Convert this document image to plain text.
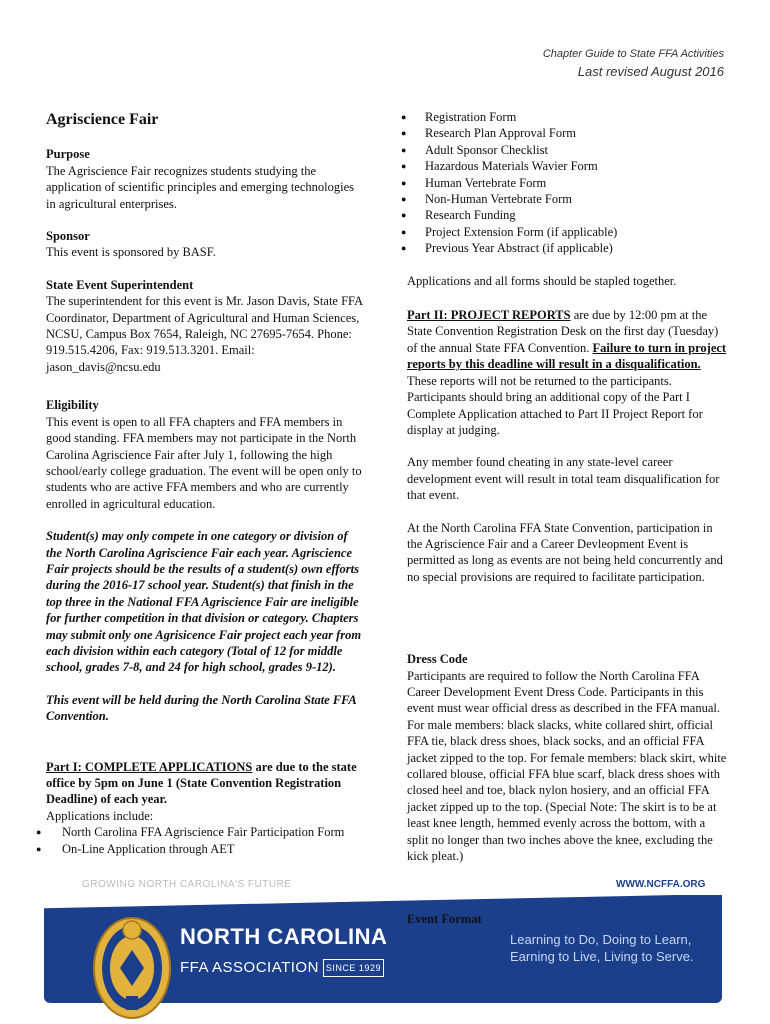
Chapter Guide to State FFA Activities
Last revised August 2016
Agriscience Fair
Purpose
The Agriscience Fair recognizes students studying the application of scientific principles and emerging technologies in agricultural enterprises.
Sponsor
This event is sponsored by BASF.
State Event Superintendent
The superintendent for this event is Mr. Jason Davis, State FFA Coordinator, Department of Agricultural and Human Sciences, NCSU, Campus Box 7654, Raleigh, NC 27695-7654. Phone: 919.515.4206, Fax: 919.513.3201. Email: jason_davis@ncsu.edu
Eligibility
This event is open to all FFA chapters and FFA members in good standing. FFA members may not participate in the North Carolina Agriscience Fair after July 1, following the high school/early college graduation. The event will be open only to students who are active FFA members and who are currently enrolled in agricultural education.
Student(s) may only compete in one category or division of the North Carolina Agriscience Fair each year. Agriscience Fair projects should be the results of a student(s) own efforts during the 2016-17 school year. Student(s) that finish in the top three in the National FFA Agriscience Fair are ineligible for further competition in that division or category. Chapters may submit only one Agrisicence Fair project each year from each division within each category (Total of 12 for middle school, grades 7-8, and 24 for high school, grades 9-12).
This event will be held during the North Carolina State FFA Convention.
Part I: COMPLETE APPLICATIONS are due to the state office by 5pm on June 1 (State Convention Registration Deadline) of each year.
Applications include:
● North Carolina FFA Agriscience Fair Participation Form
● On-Line Application through AET
● Registration Form
● Research Plan Approval Form
● Adult Sponsor Checklist
● Hazardous Materials Wavier Form
● Human Vertebrate Form
● Non-Human Vertebrate Form
● Research Funding
● Project Extension Form (if applicable)
● Previous Year Abstract (if applicable)
Applications and all forms should be stapled together.
Part II: PROJECT REPORTS are due by 12:00 pm at the State Convention Registration Desk on the first day (Tuesday) of the annual State FFA Convention. Failure to turn in project reports by this deadline will result in a disqualification. These reports will not be returned to the participants. Participants should bring an additional copy of the Part I Complete Application attached to Part II Project Report for display at judging.
Any member found cheating in any state-level career development event will result in total team disqualification for that event.
At the North Carolina FFA State Convention, participation in the Agriscience Fair and a Career Devleopment Event is permitted as long as events are not being held concurrently and no special provisions are required to facilitate participation.
Dress Code
Participants are required to follow the North Carolina FFA Career Development Event Dress Code. Participants in this event must wear official dress as described in the FFA manual. For male members: black slacks, white collared shirt, official FFA tie, black dress shoes, black socks, and an official FFA jacket zipped to the top. For female members: black skirt, white collared blouse, official FFA blue scarf, black dress shoes with closed heel and toe, black nylon hosiery, and an official FFA jacket zipped up to the top. (Special Note: The skirt is to be at least knee length, hemmed evenly across the bottom, with a split no longer than two inches above the knee, excluding the kick pleat.)
GROWING NORTH CAROLINA'S FUTURE	WWW.NCFFA.ORG
NORTH CAROLINA
FFA ASSOCIATION SINCE 1929
Learning to Do, Doing to Learn,
Earning to Live, Living to Serve.
Event Format
